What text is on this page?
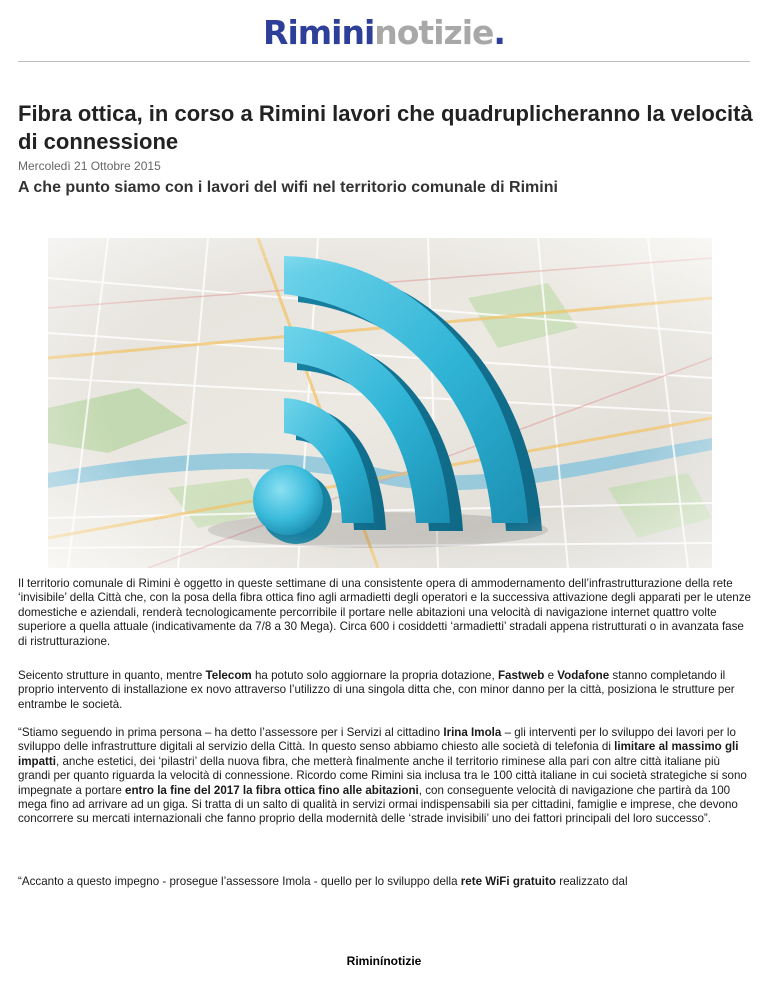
Rimininotizie.
Fibra ottica, in corso a Rimini lavori che quadruplicheranno la velocità di connessione
Mercoledì 21 Ottobre 2015
A che punto siamo con i lavori del wifi nel territorio comunale di Rimini

Il territorio comunale di Rimini è oggetto in queste settimane di una consistente opera di ammodernamento dell’infrastrutturazione della rete ‘invisibile’ della Città che, con la posa della fibra ottica fino agli armadietti degli operatori e la successiva attivazione degli apparati per le utenze domestiche e aziendali, renderà tecnologicamente percorribile il portare nelle abitazioni una velocità di navigazione internet quattro volte superiore a quella attuale (indicativamente da 7/8 a 30 Mega). Circa 600 i cosiddetti ‘armadietti’ stradali appena ristrutturati o in avanzata fase di ristrutturazione.

Seicento strutture in quanto, mentre Telecom ha potuto solo aggiornare la propria dotazione, Fastweb e Vodafone stanno completando il proprio intervento di installazione ex novo attraverso l’utilizzo di una singola ditta che, con minor danno per la città, posiziona le strutture per entrambe le società.

“Stiamo seguendo in prima persona – ha detto l’assessore per i Servizi al cittadino Irina Imola – gli interventi per lo sviluppo dei lavori per lo sviluppo delle infrastrutture digitali al servizio della Città. In questo senso abbiamo chiesto alle società di telefonia di limitare al massimo gli impatti, anche estetici, dei ‘pilastri’ della nuova fibra, che metterà finalmente anche il territorio riminese alla pari con altre città italiane più grandi per quanto riguarda la velocità di connessione. Ricordo come Rimini sia inclusa tra le 100 città italiane in cui società strategiche si sono impegnate a portare entro la fine del 2017 la fibra ottica fino alle abitazioni, con conseguente velocità di navigazione che partirà da 100 mega fino ad arrivare ad un giga. Si tratta di un salto di qualità in servizi ormai indispensabili sia per cittadini, famiglie e imprese, che devono concorrere su mercati internazionali che fanno proprio della modernità delle ‘strade invisibili’ uno dei fattori principali del loro successo”.

“Accanto a questo impegno - prosegue l’assessore Imola - quello per lo sviluppo della rete WiFi gratuito realizzato dal

Riminínotizie
